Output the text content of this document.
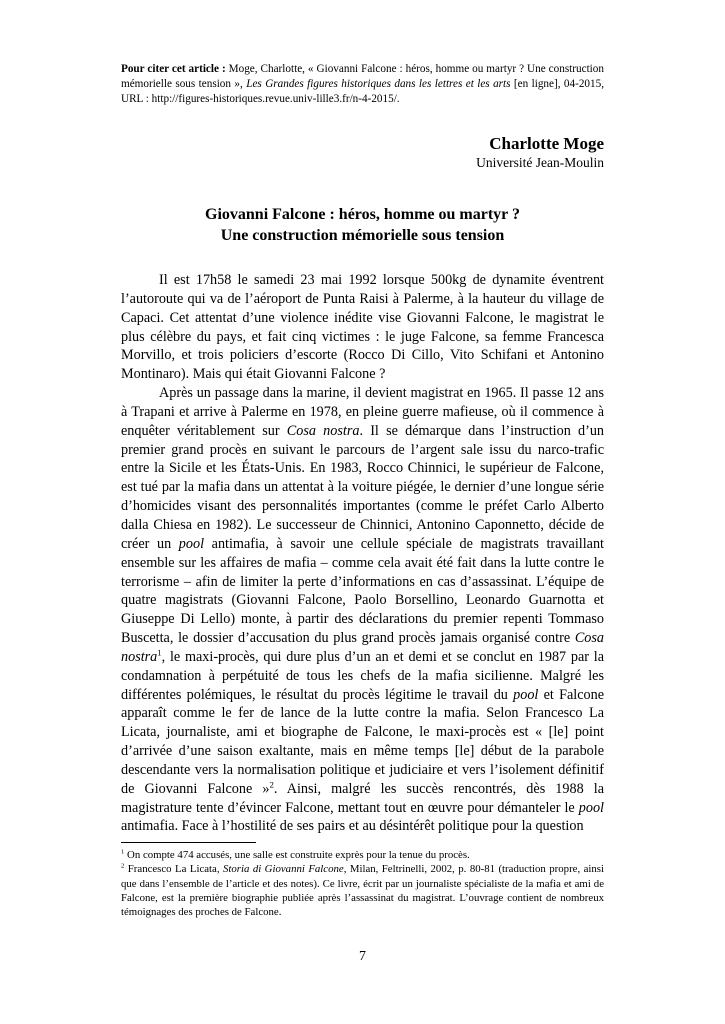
Pour citer cet article : Moge, Charlotte, « Giovanni Falcone : héros, homme ou martyr ? Une construction mémorielle sous tension », Les Grandes figures historiques dans les lettres et les arts [en ligne], 04-2015, URL : http://figures-historiques.revue.univ-lille3.fr/n-4-2015/.
Charlotte Moge
Université Jean-Moulin
Giovanni Falcone : héros, homme ou martyr ?
Une construction mémorielle sous tension

Il est 17h58 le samedi 23 mai 1992 lorsque 500kg de dynamite éventrent l’autoroute qui va de l’aéroport de Punta Raisi à Palerme, à la hauteur du village de Capaci. Cet attentat d’une violence inédite vise Giovanni Falcone, le magistrat le plus célèbre du pays, et fait cinq victimes : le juge Falcone, sa femme Francesca Morvillo, et trois policiers d’escorte (Rocco Di Cillo, Vito Schifani et Antonino Montinaro). Mais qui était Giovanni Falcone ?

Après un passage dans la marine, il devient magistrat en 1965. Il passe 12 ans à Trapani et arrive à Palerme en 1978, en pleine guerre mafieuse, où il commence à enquêter véritablement sur Cosa nostra. Il se démarque dans l’instruction d’un premier grand procès en suivant le parcours de l’argent sale issu du narco-trafic entre la Sicile et les États-Unis. En 1983, Rocco Chinnici, le supérieur de Falcone, est tué par la mafia dans un attentat à la voiture piégée, le dernier d’une longue série d’homicides visant des personnalités importantes (comme le préfet Carlo Alberto dalla Chiesa en 1982). Le successeur de Chinnici, Antonino Caponnetto, décide de créer un pool antimafia, à savoir une cellule spéciale de magistrats travaillant ensemble sur les affaires de mafia – comme cela avait été fait dans la lutte contre le terrorisme – afin de limiter la perte d’informations en cas d’assassinat. L’équipe de quatre magistrats (Giovanni Falcone, Paolo Borsellino, Leonardo Guarnotta et Giuseppe Di Lello) monte, à partir des déclarations du premier repenti Tommaso Buscetta, le dossier d’accusation du plus grand procès jamais organisé contre Cosa nostra$^1$, le maxi-procès, qui dure plus d’un an et demi et se conclut en 1987 par la condamnation à perpétuité de tous les chefs de la mafia sicilienne. Malgré les différentes polémiques, le résultat du procès légitime le travail du pool et Falcone apparaît comme le fer de lance de la lutte contre la mafia. Selon Francesco La Licata, journaliste, ami et biographe de Falcone, le maxi-procès est « [le] point d’arrivée d’une saison exaltante, mais en même temps [le] début de la parabole descendante vers la normalisation politique et judiciaire et vers l’isolement définitif de Giovanni Falcone »$^2$. Ainsi, malgré les succès rencontrés, dès 1988 la magistrature tente d’évincer Falcone, mettant tout en œuvre pour démanteler le pool antimafia. Face à l’hostilité de ses pairs et au désintérêt politique pour la question

$^1$ On compte 474 accusés, une salle est construite exprès pour la tenue du procès.

$^2$ Francesco La Licata, Storia di Giovanni Falcone, Milan, Feltrinelli, 2002, p. 80-81 (traduction propre, ainsi que dans l’ensemble de l’article et des notes). Ce livre, écrit par un journaliste spécialiste de la mafia et ami de Falcone, est la première biographie publiée après l’assassinat du magistrat. L’ouvrage contient de nombreux témoignages des proches de Falcone.

7
